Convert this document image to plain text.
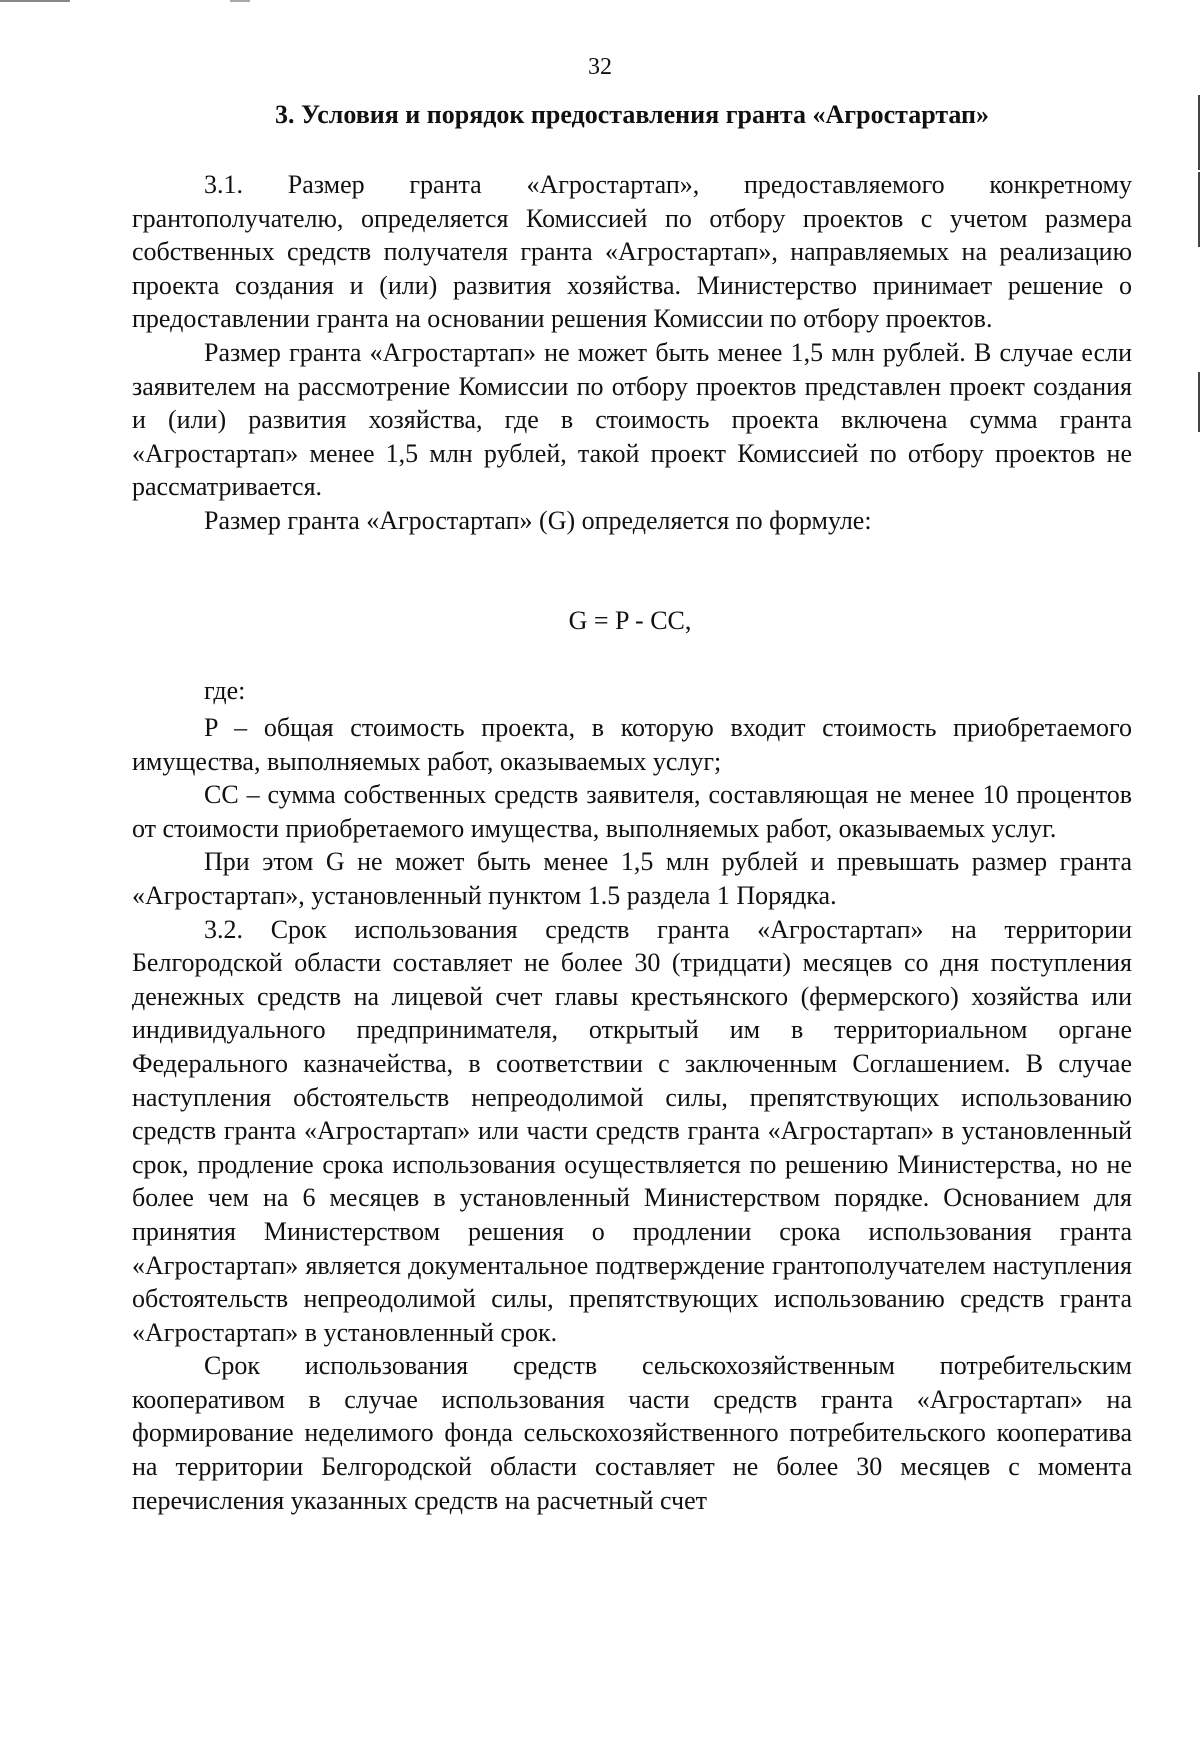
32
3. Условия и порядок предоставления гранта «Агростартап»

3.1. Размер гранта «Агростартап», предоставляемого конкретному грантополучателю, определяется Комиссией по отбору проектов с учетом размера собственных средств получателя гранта «Агростартап», направляемых на реализацию проекта создания и (или) развития хозяйства. Министерство принимает решение о предоставлении гранта на основании решения Комиссии по отбору проектов.

Размер гранта «Агростартап» не может быть менее 1,5 млн рублей. В случае если заявителем на рассмотрение Комиссии по отбору проектов представлен проект создания и (или) развития хозяйства, где в стоимость проекта включена сумма гранта «Агростартап» менее 1,5 млн рублей, такой проект Комиссией по отбору проектов не рассматривается.

Размер гранта «Агростартап» (G) определяется по формуле:

G = P - CC,
где:

P – общая стоимость проекта, в которую входит стоимость приобретаемого имущества, выполняемых работ, оказываемых услуг;

CC – сумма собственных средств заявителя, составляющая не менее 10 процентов от стоимости приобретаемого имущества, выполняемых работ, оказываемых услуг.

При этом G не может быть менее 1,5 млн рублей и превышать размер гранта «Агростартап», установленный пунктом 1.5 раздела 1 Порядка.

3.2. Срок использования средств гранта «Агростартап» на территории Белгородской области составляет не более 30 (тридцати) месяцев со дня поступления денежных средств на лицевой счет главы крестьянского (фермерского) хозяйства или индивидуального предпринимателя, открытый им в территориальном органе Федерального казначейства, в соответствии с заключенным Соглашением. В случае наступления обстоятельств непреодолимой силы, препятствующих использованию средств гранта «Агростартап» или части средств гранта «Агростартап» в установленный срок, продление срока использования осуществляется по решению Министерства, но не более чем на 6 месяцев в установленный Министерством порядке. Основанием для принятия Министерством решения о продлении срока использования гранта «Агростартап» является документальное подтверждение грантополучателем наступления обстоятельств непреодолимой силы, препятствующих использованию средств гранта «Агростартап» в установленный срок.

Срок использования средств сельскохозяйственным потребительским кооперативом в случае использования части средств гранта «Агростартап» на формирование неделимого фонда сельскохозяйственного потребительского кооператива на территории Белгородской области составляет не более 30 месяцев с момента перечисления указанных средств на расчетный счет
